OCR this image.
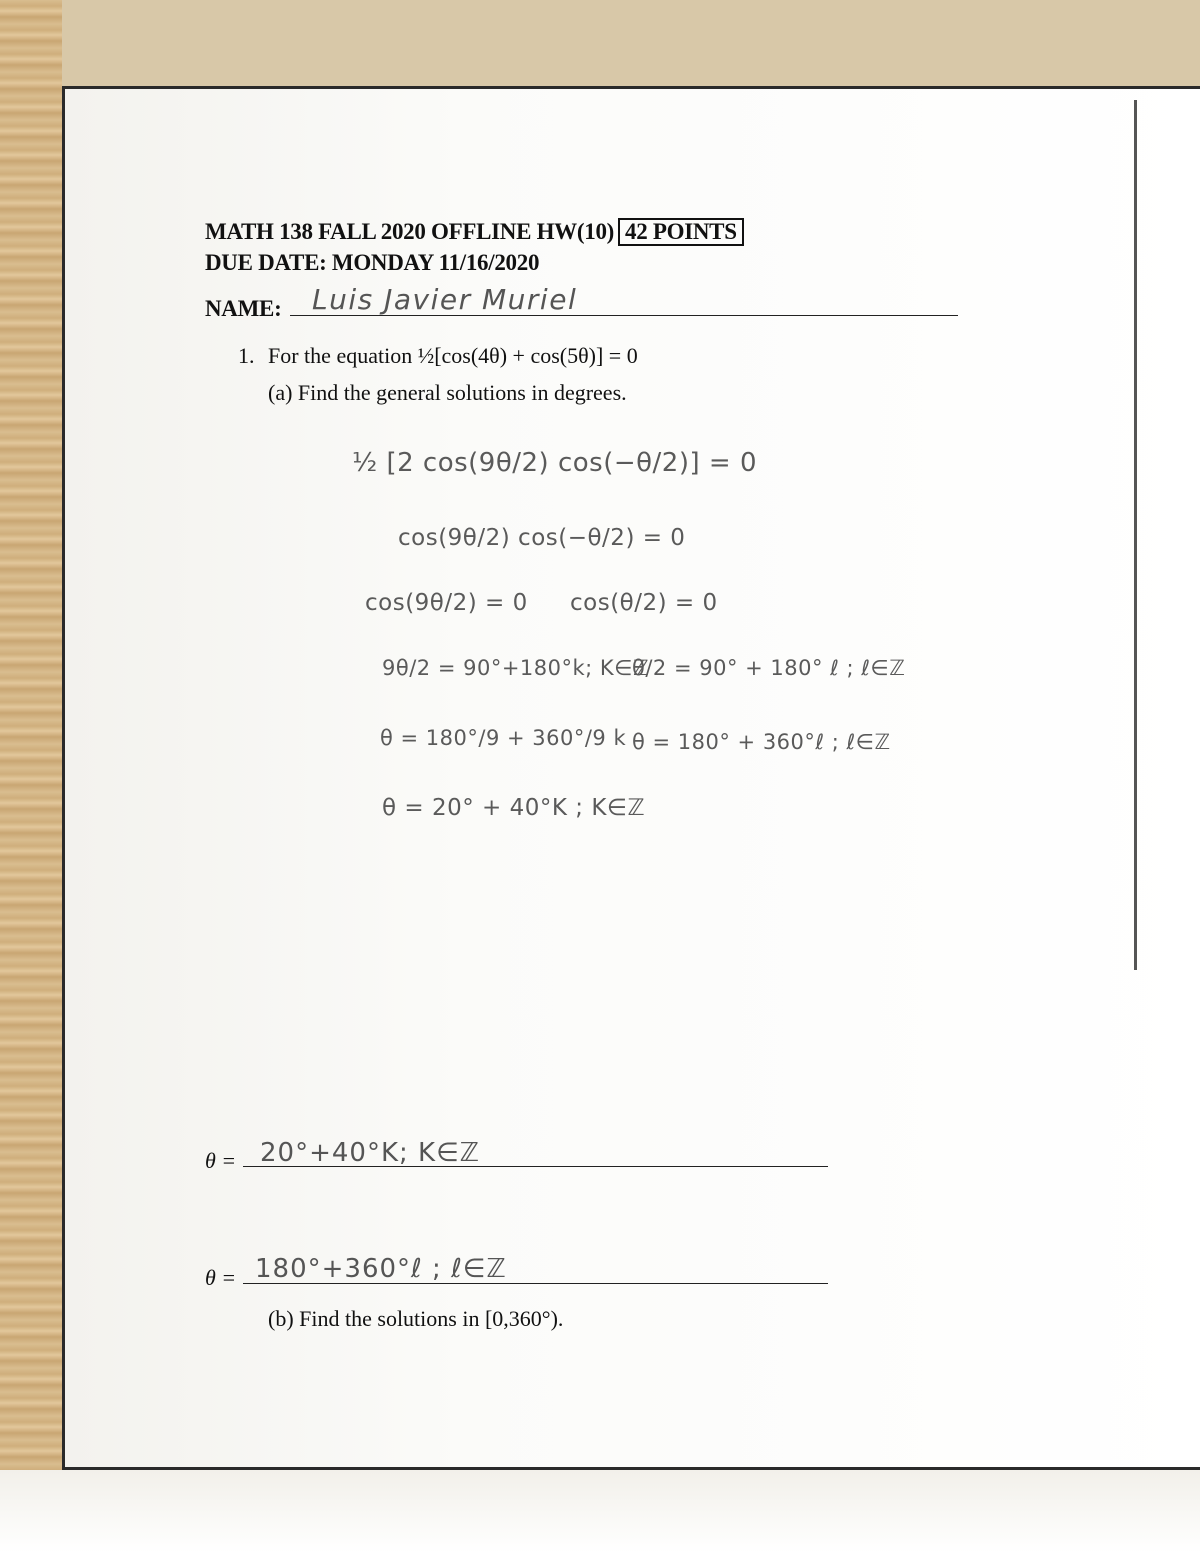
MATH 138 FALL 2020 OFFLINE HW(10) 42 POINTS
DUE DATE: MONDAY 11/16/2020
NAME: Luis Javier Muriel
1. For the equation ½[cos(4θ) + cos(5θ)] = 0
(a) Find the general solutions in degrees.
½ [2 cos(9θ/2) cos(−θ/2)] = 0
cos(9θ/2) cos(−θ/2) = 0
cos(9θ/2) = 0 cos(θ/2) = 0
9θ/2 = 90°+180°k; K∈ℤ
θ/2 = 90° + 180° ℓ ; ℓ∈ℤ
θ = 180°/9 + 360°/9 k θ = 180° + 360°ℓ ; ℓ∈ℤ
θ = 20° + 40°K ; K∈ℤ
θ = 20°+40°K; K∈ℤ
θ = 180°+360°ℓ ; ℓ∈ℤ
(b) Find the solutions in [0,360°).
